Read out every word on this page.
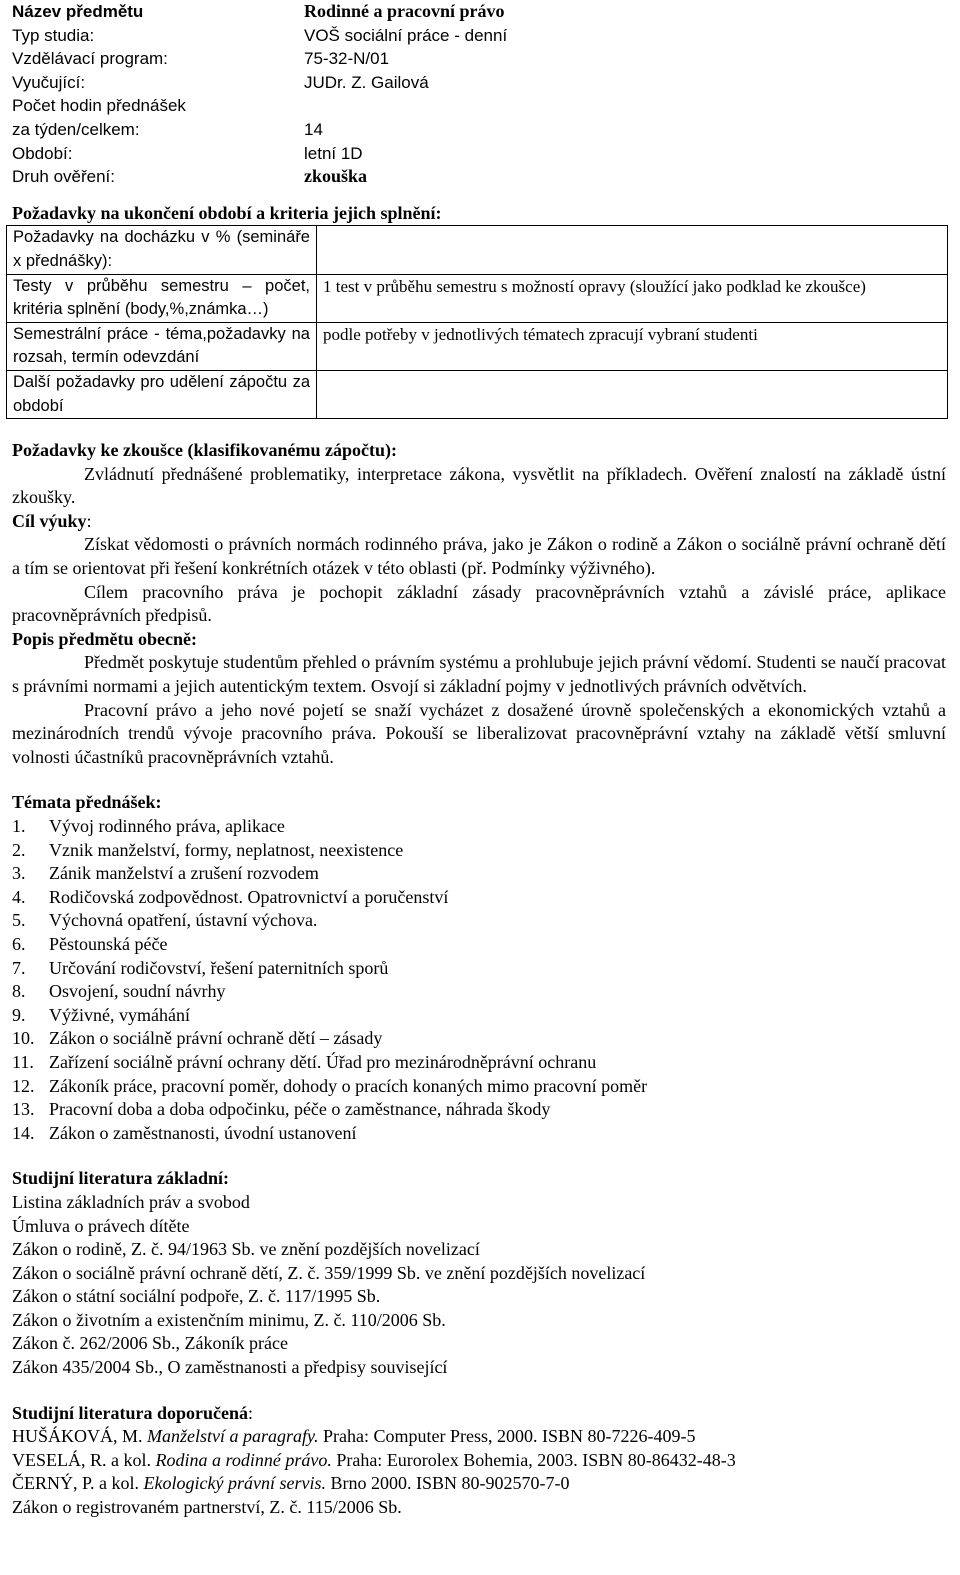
Název předmětu	Rodinné a pracovní právo
Typ studia:	VOŠ sociální práce - denní
Vzdělávací program:	75-32-N/01
Vyučující:	JUDr. Z. Gailová
Počet hodin přednášek
za týden/celkem:	14
Období:	letní 1D
Druh ověření:	zkouška
Požadavky na ukončení období a kriteria jejich splnění:
Požadavky na docházku v % (semináře x přednášky):	
Testy v průběhu semestru – počet, kritéria splnění (body,%,známka…)	1 test v průběhu semestru s možností opravy (sloužící jako podklad ke zkoušce)
Semestrální práce - téma,požadavky na rozsah, termín odevzdání	podle potřeby v jednotlivých tématech zpracují vybraní studenti
Další požadavky pro udělení zápočtu za období	
Požadavky ke zkoušce (klasifikovanému zápočtu):

Zvládnutí přednášené problematiky, interpretace zákona, vysvětlit na příkladech. Ověření znalostí na základě ústní zkoušky.

Cíl výuky:

Získat vědomosti o právních normách rodinného práva, jako je Zákon o rodině a Zákon o sociálně právní ochraně dětí a tím se orientovat při řešení konkrétních otázek v této oblasti (př. Podmínky výživného).

Cílem pracovního práva je pochopit základní zásady pracovněprávních vztahů a závislé práce, aplikace pracovněprávních předpisů.

Popis předmětu obecně:

Předmět poskytuje studentům přehled o právním systému a prohlubuje jejich právní vědomí. Studenti se naučí pracovat s právními normami a jejich autentickým textem. Osvojí si základní pojmy v jednotlivých právních odvětvích.

Pracovní právo a jeho nové pojetí se snaží vycházet z dosažené úrovně společenských a ekonomických vztahů a mezinárodních trendů vývoje pracovního práva. Pokouší se liberalizovat pracovněprávní vztahy na základě větší smluvní volnosti účastníků pracovněprávních vztahů.

Témata přednášek:
1.	Vývoj rodinného práva, aplikace
2.	Vznik manželství, formy, neplatnost, neexistence
3.	Zánik manželství a zrušení rozvodem
4.	Rodičovská zodpovědnost. Opatrovnictví a poručenství
5.	Výchovná opatření, ústavní výchova.
6.	Pěstounská péče
7.	Určování rodičovství, řešení paternitních sporů
8.	Osvojení, soudní návrhy
9.	Výživné, vymáhání
10. Zákon o sociálně právní ochraně dětí – zásady
11. Zařízení sociálně právní ochrany dětí. Úřad pro mezinárodněprávní ochranu
12. Zákoník práce, pracovní poměr, dohody o pracích konaných mimo pracovní poměr
13. Pracovní doba a doba odpočinku, péče o zaměstnance, náhrada škody
14. Zákon o zaměstnanosti, úvodní ustanovení
Studijní literatura základní:
Listina základních práv a svobod
Úmluva o právech dítěte
Zákon o rodině, Z. č. 94/1963 Sb. ve znění pozdějších novelizací
Zákon o sociálně právní ochraně dětí, Z. č. 359/1999 Sb. ve znění pozdějších novelizací
Zákon o státní sociální podpoře, Z. č. 117/1995 Sb.
Zákon o životním a existenčním minimu, Z. č. 110/2006 Sb.
Zákon č. 262/2006 Sb., Zákoník práce
Zákon 435/2004 Sb., O zaměstnanosti a předpisy související
Studijní literatura doporučená:
HUŠÁKOVÁ, M. Manželství a paragrafy. Praha: Computer Press, 2000. ISBN 80-7226-409-5
VESELÁ, R. a kol. Rodina a rodinné právo. Praha: Eurorolex Bohemia, 2003. ISBN 80-86432-48-3
ČERNÝ, P. a kol. Ekologický právní servis. Brno 2000. ISBN 80-902570-7-0
Zákon o registrovaném partnerství, Z. č. 115/2006 Sb.
